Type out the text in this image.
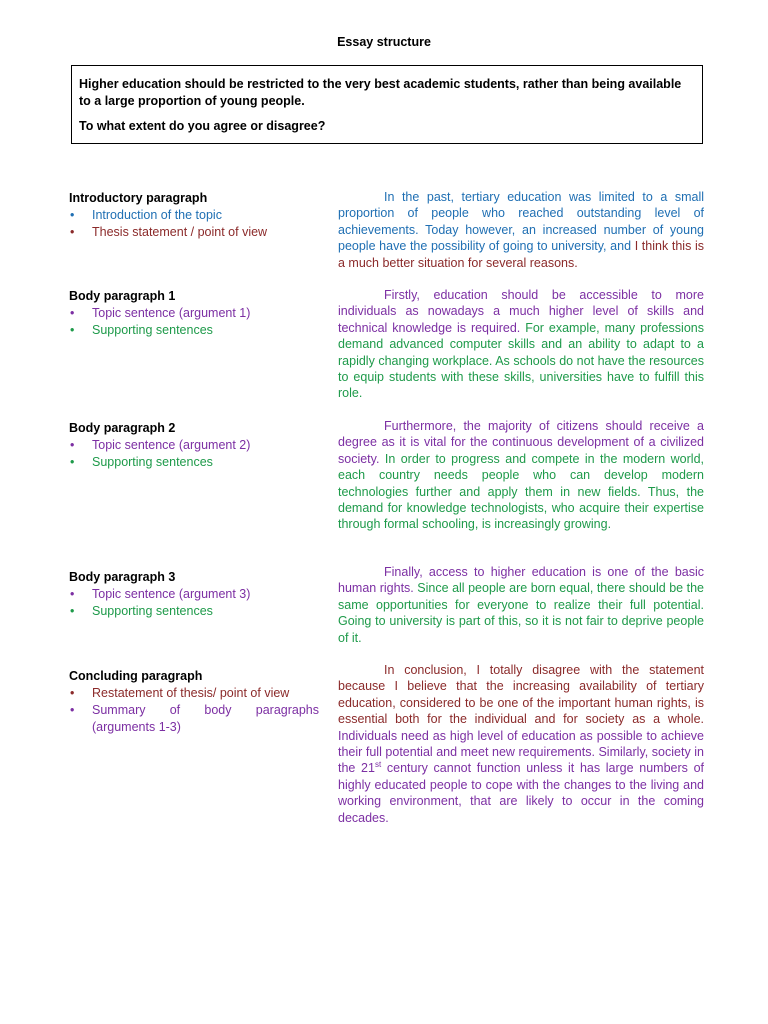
Essay structure

Higher education should be restricted to the very best academic students, rather than being available to a large proportion of young people.

To what extent do you agree or disagree?

Introductory paragraph
• Introduction of the topic
• Thesis statement / point of view
Body paragraph 1
• Topic sentence (argument 1)
• Supporting sentences
Body paragraph 2
• Topic sentence (argument 2)
• Supporting sentences
Body paragraph 3
• Topic sentence (argument 3)
• Supporting sentences
Concluding paragraph
• Restatement of thesis/ point of view
• Summary of body paragraphs (arguments 1-3)

In the past, tertiary education was limited to a small proportion of people who reached outstanding level of achievements. Today however, an increased number of young people have the possibility of going to university, and I think this is a much better situation for several reasons.

Firstly, education should be accessible to more individuals as nowadays a much higher level of skills and technical knowledge is required. For example, many professions demand advanced computer skills and an ability to adapt to a rapidly changing workplace. As schools do not have the resources to equip students with these skills, universities have to fulfill this role.

Furthermore, the majority of citizens should receive a degree as it is vital for the continuous development of a civilized society. In order to progress and compete in the modern world, each country needs people who can develop modern technologies further and apply them in new fields. Thus, the demand for knowledge technologists, who acquire their expertise through formal schooling, is increasingly growing.

Finally, access to higher education is one of the basic human rights. Since all people are born equal, there should be the same opportunities for everyone to realize their full potential. Going to university is part of this, so it is not fair to deprive people of it.

In conclusion, I totally disagree with the statement because I believe that the increasing availability of tertiary education, considered to be one of the important human rights, is essential both for the individual and for society as a whole. Individuals need as high level of education as possible to achieve their full potential and meet new requirements. Similarly, society in the 21st century cannot function unless it has large numbers of highly educated people to cope with the changes to the living and working environment, that are likely to occur in the coming decades.
